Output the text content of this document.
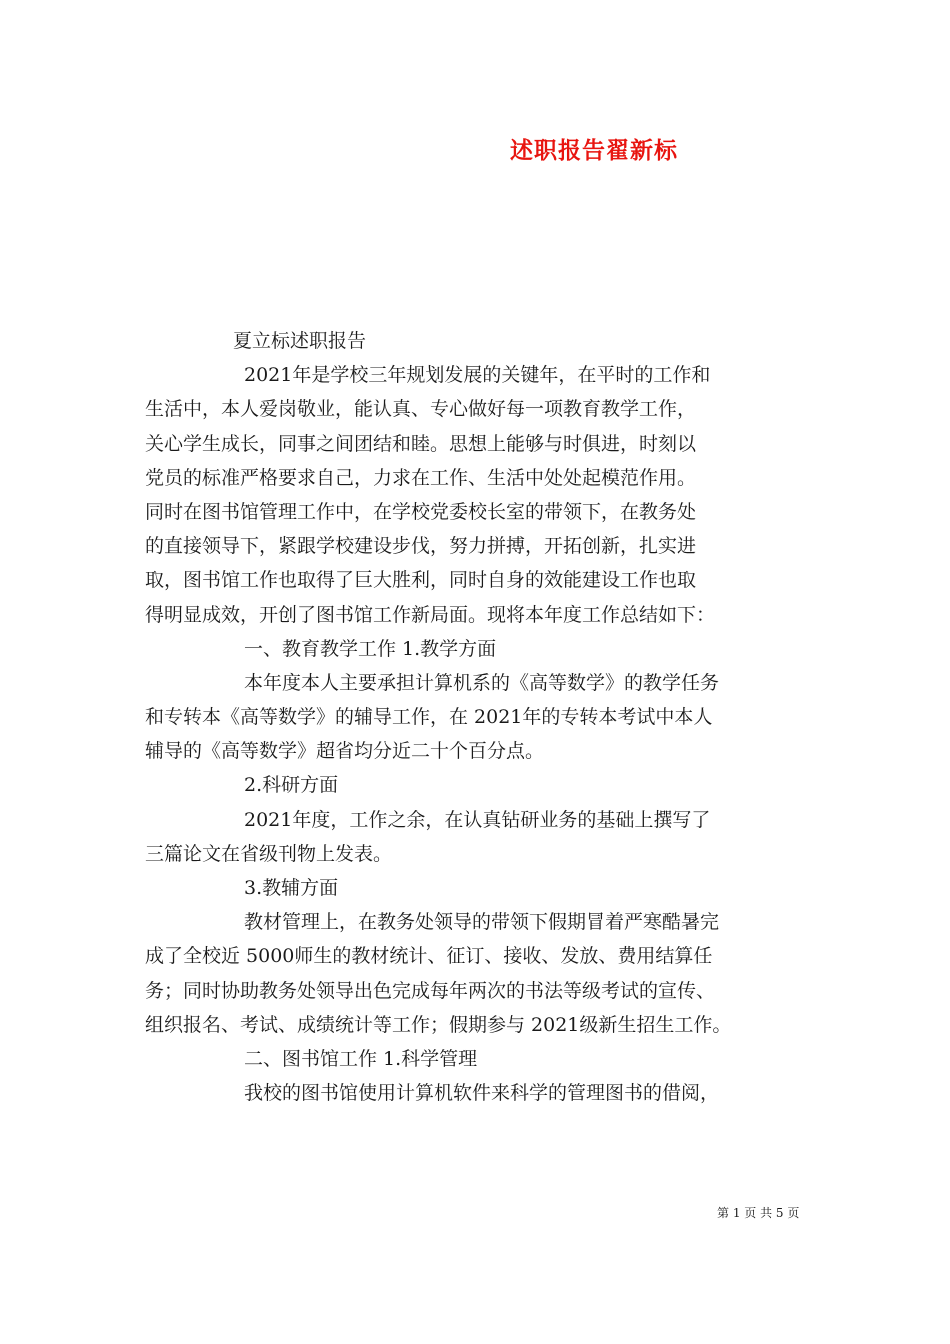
述职报告翟新标
夏立标述职报告
2021年是学校三年规划发展的关键年，在平时的工作和
生活中，本人爱岗敬业，能认真、专心做好每一项教育教学工作，
关心学生成长，同事之间团结和睦。思想上能够与时俱进，时刻以
党员的标准严格要求自己，力求在工作、生活中处处起模范作用。
同时在图书馆管理工作中，在学校党委校长室的带领下，在教务处
的直接领导下，紧跟学校建设步伐，努力拼搏，开拓创新，扎实进
取，图书馆工作也取得了巨大胜利，同时自身的效能建设工作也取
得明显成效，开创了图书馆工作新局面。现将本年度工作总结如下：
一、教育教学工作 1.教学方面
本年度本人主要承担计算机系的《高等数学》的教学任务
和专转本《高等数学》的辅导工作，在 2021年的专转本考试中本人
辅导的《高等数学》超省均分近二十个百分点。
2.科研方面
2021年度，工作之余，在认真钻研业务的基础上撰写了
三篇论文在省级刊物上发表。
3.教辅方面
教材管理上，在教务处领导的带领下假期冒着严寒酷暑完
成了全校近 5000师生的教材统计、征订、接收、发放、费用结算任
务；同时协助教务处领导出色完成每年两次的书法等级考试的宣传、
组织报名、考试、成绩统计等工作；假期参与 2021级新生招生工作。
二、图书馆工作 1.科学管理
我校的图书馆使用计算机软件来科学的管理图书的借阅，
第 1 页 共 5 页
